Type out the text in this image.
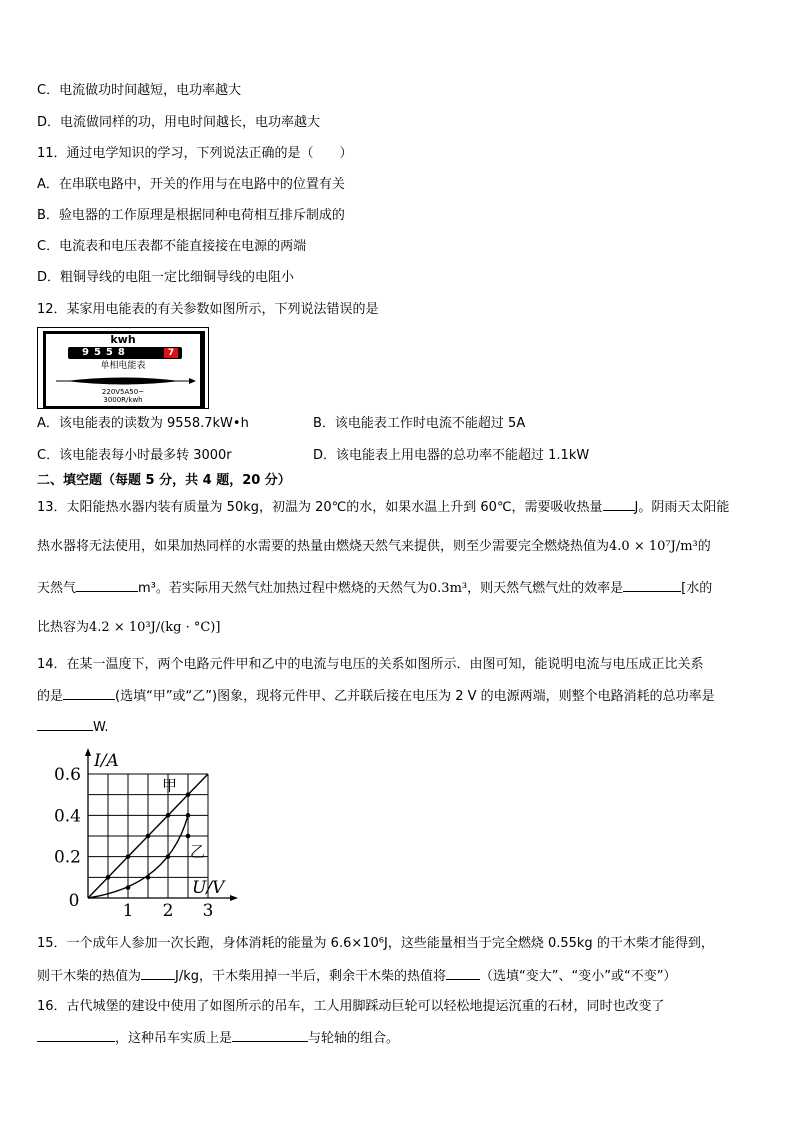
C．电流做功时间越短，电功率越大
D．电流做同样的功，用电时间越长，电功率越大
11．通过电学知识的学习，下列说法正确的是（　　）
A．在串联电路中，开关的作用与在电路中的位置有关
B．验电器的工作原理是根据同种电荷相互排斥制成的
C．电流表和电压表都不能直接接在电源的两端
D．粗铜导线的电阻一定比细铜导线的电阻小
12．某家用电能表的有关参数如图所示，下列说法错误的是
kwh
9558	7
单相电能表
220V5A50~
3000R/kwh
A．该电能表的读数为 9558.7kW•h	B．该电能表工作时电流不能超过 5A
C．该电能表每小时最多转 3000r	D．该电能表上用电器的总功率不能超过 1.1kW
二、填空题（每题 5 分，共 4 题，20 分）
13．太阳能热水器内装有质量为 50kg，初温为 20℃的水，如果水温上升到 60℃，需要吸收热量 J。阴雨天太阳能
热水器将无法使用，如果加热同样的水需要的热量由燃烧天然气来提供，则至少需要完全燃烧热值为4.0 × 10⁷J/m³的
天然气	m³。若实际用天然气灶加热过程中燃烧的天然气为0.3m³，则天然气燃气灶的效率是	[水的
比热容为4.2 × 10³J/(kg · °C)]
14．在某一温度下，两个电路元件甲和乙中的电流与电压的关系如图所示．由图可知，能说明电流与电压成正比关系
的是	(选填“甲”或“乙”)图象，现将元件甲、乙并联后接在电压为 2 V 的电源两端，则整个电路消耗的总功率是
W.
I/A
U/V
0.2
0.4
0.6
0	1 2 3
甲
乙
15．一个成年人参加一次长跑，身体消耗的能量为 6.6×10⁶J，这些能量相当于完全燃烧 0.55kg 的干木柴才能得到，
则干木柴的热值为	J/kg，干木柴用掉一半后，剩余干木柴的热值将	（选填“变大”、“变小”或“不变”）
16．古代城堡的建设中使用了如图所示的吊车，工人用脚踩动巨轮可以轻松地提运沉重的石材，同时也改变了
，这种吊车实质上是	与轮轴的组合。
